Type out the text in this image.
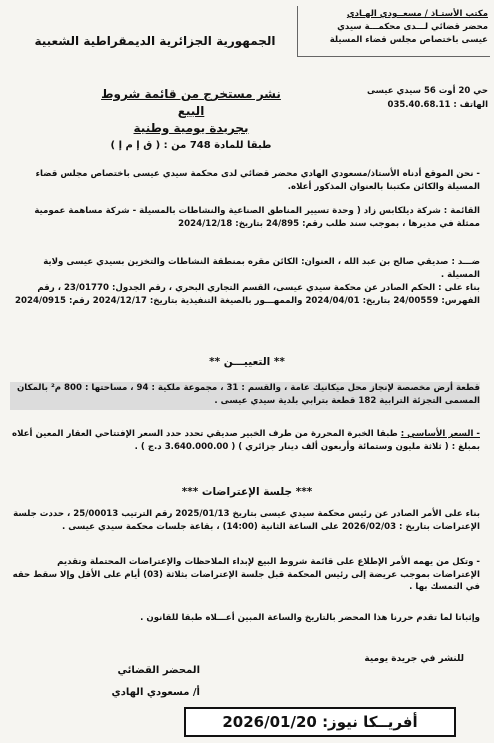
مكتب الأستـاذ / مسعــودي الهـادي
محضر قضائي لـــدى محكمـــة سيدي
عيسى باختصاص مجلس قضاء المسيلة
حي 20 أوت 56 سيدي عيسى
الهاتف : 035.40.68.11
الجمهورية الجزائرية الديمقراطية الشعبية
نشر مستخرج من قائمة شروط البيع
بجريدة يومية وطنية
طبقا للمادة 748 من : ( ق إ م إ )
- نحن الموقع أدناه الأستاذ/مسعودي الهادي محضر قضائي لدى محكمة سيدي عيسى باختصاص مجلس قضاء المسيلة والكائن مكتبنا بالعنوان المذكور أعلاه.
القائمة : شركة ديلكابس زاد ( وحدة تسيير المناطق الصناعية والنشاطات بالمسيلة - شركة مساهمة عمومية ممثلة في مديرها ، بموجب سند طلب رقم: 24/895 بتاريخ: 2024/12/18
ضـــد : صديقي صالح بن عبد الله ، العنوان: الكائن مقره بمنطقة النشاطات والتخزين بسيدي عيسى ولاية المسيلة .
بناء على : الحكم الصادر عن محكمة سيدي عيسى، القسم التجاري البحري ، رقم الجدول: 23/01770 ، رقم الفهرس: 24/00559 بتاريخ: 2024/04/01 والممهـــور بالصيغة التنفيذية بتاريخ: 2024/12/17 رقم: 2024/0915
** التعييـــن **
قطعة أرض مخصصة لإنجاز محل ميكانيك عامة ، والقسم : 31 ، مجموعة ملكية : 94 ، مساحتها : 800 م² بالمكان المسمى التجزئة الترابية 182 قطعة بترابي بلدية سيدي عيسى .
- السعر الأساسي : طبقا الخبرة المحررة من طرف الخبير صديقي تحدد حدد السعر الإفتتاحي العقار المعين أعلاه بمبلغ : ( ثلاثة مليون وستمائة وأربعون ألف دينار جزائري ) ( 3.640.000.00 د.ج ) .
*** جلسة الإعتراضات ***
بناء على الأمر الصادر عن رئيس محكمة سيدي عيسى بتاريخ 2025/01/13 رقم الترتيب 25/00013 ، حددت جلسة الإعتراضات بتاريخ : 2026/02/03 على الساعة الثانية (14:00) ، بقاعة جلسات محكمة سيدي عيسى .
- وتكل من يهمه الأمر الإطلاع على قائمة شروط البيع لإبداء الملاحظات والإعتراضات المحتملة وتقديم الإعتراضات بموجب عريضة إلى رئيس المحكمة قبل جلسة الإعتراضات بثلاثة (03) أيام على الأقل وإلا سقط حقه في التمسك بها .
وإثباتا لما تقدم حررنا هذا المحضر بالتاريخ والساعة المبين أعـــلاه طبقا للقانون .
للنشر في جريدة يومية
المحضر القضائي
أ/ مسعودي الهادي
أفريــكا نيوز: 2026/01/20
